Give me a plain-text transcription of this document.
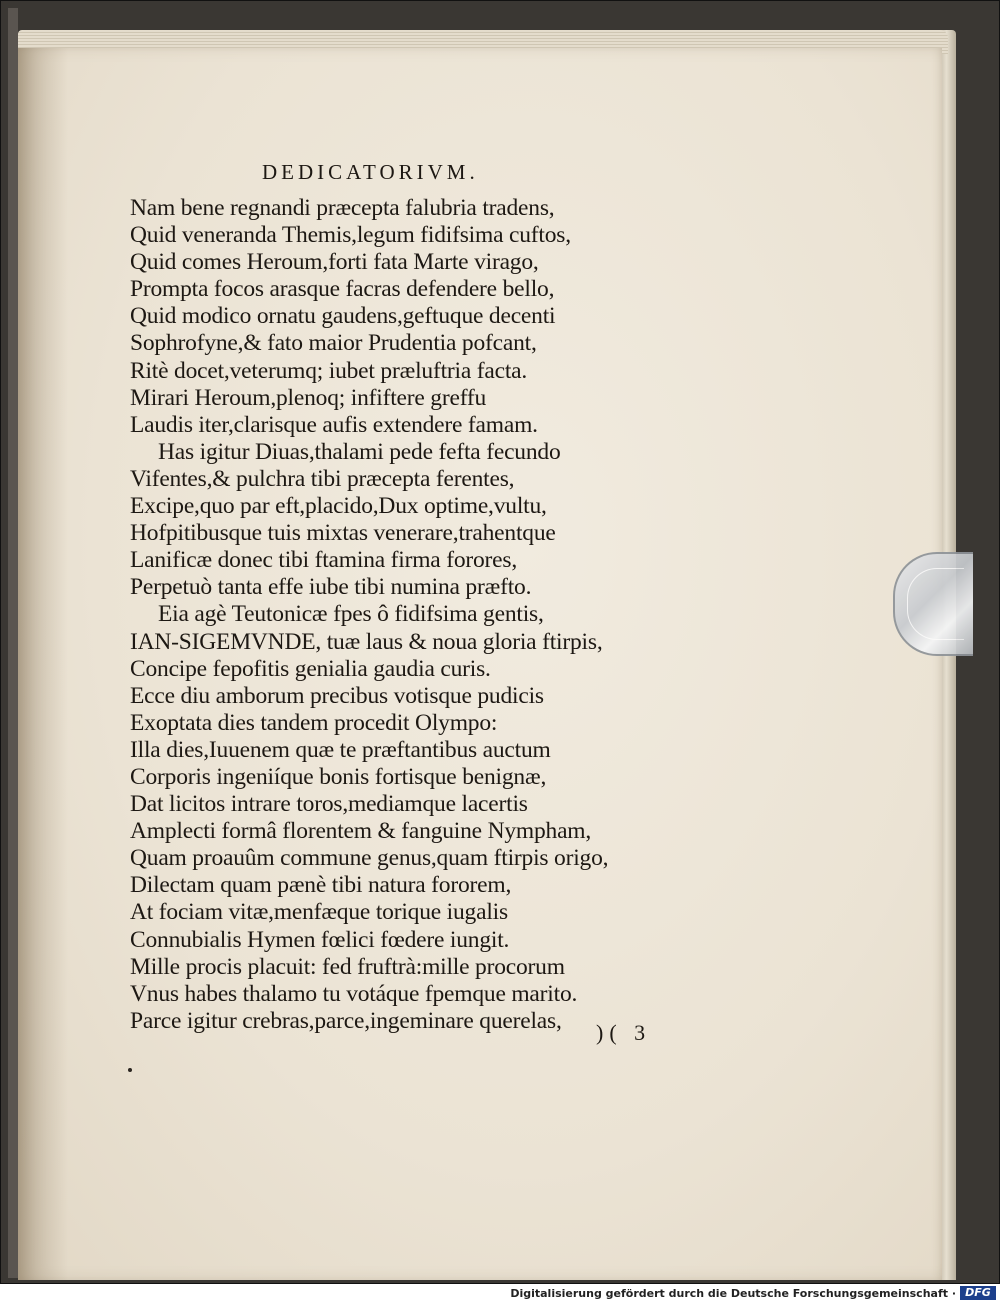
DEDICATORIVM.
Nam bene regnandi præcepta falubria tradens,
Quid veneranda Themis,legum fidifsima cuftos,
Quid comes Heroum,forti fata Marte virago,
Prompta focos arasque facras defendere bello,
Quid modico ornatu gaudens,geftuque decenti
Sophrofyne,& fato maior Prudentia pofcant,
Ritè docet,veterumq; iubet præluftria facta.
Mirari Heroum,plenoq; infiftere greffu
Laudis iter,clarisque aufis extendere famam.
Has igitur Diuas,thalami pede fefta fecundo
Vifentes,& pulchra tibi præcepta ferentes,
Excipe,quo par eft,placido,Dux optime,vultu,
Hofpitibusque tuis mixtas venerare,trahentque
Lanificæ donec tibi ftamina firma forores,
Perpetuò tanta effe iube tibi numina præfto.
Eia agè Teutonicæ fpes ô fidifsima gentis,
IAN-SIGEMVNDE, tuæ laus & noua gloria ftirpis,
Concipe fepofitis genialia gaudia curis.
Ecce diu amborum precibus votisque pudicis
Exoptata dies tandem procedit Olympo:
Illa dies,Iuuenem quæ te præftantibus auctum
Corporis ingeniíque bonis fortisque benignæ,
Dat licitos intrare toros,mediamque lacertis
Amplecti formâ florentem & fanguine Nympham,
Quam proauûm commune genus,quam ftirpis origo,
Dilectam quam pænè tibi natura fororem,
At fociam vitæ,menfæque torique iugalis
Connubialis Hymen fœlici fœdere iungit.
Mille procis placuit: fed fruftrà:mille procorum
Vnus habes thalamo tu votáque fpemque marito.
Parce igitur crebras,parce,ingeminare querelas,	)( 3
Digitalisierung gefördert durch die Deutsche Forschungsgemeinschaft · DFG
